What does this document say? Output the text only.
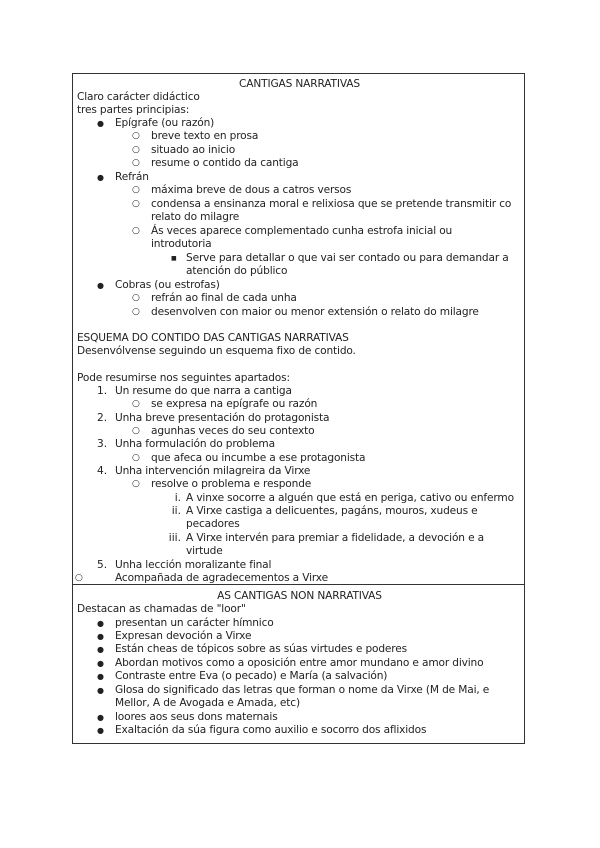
CANTIGAS NARRATIVAS
Claro carácter didáctico
tres partes principias:
● Epígrafe (ou razón)
○ breve texto en prosa
○ situado ao inicio
○ resume o contido da cantiga
● Refrán
○ máxima breve de dous a catros versos
○ condensa a ensinanza moral e relixiosa que se pretende transmitir co
relato do milagre
○ Ás veces aparece complementado cunha estrofa inicial ou
introdutoria
■ Serve para detallar o que vai ser contado ou para demandar a
atención do público
● Cobras (ou estrofas)
○ refrán ao final de cada unha
○ desenvolven con maior ou menor extensión o relato do milagre
ESQUEMA DO CONTIDO DAS CANTIGAS NARRATIVAS
Desenvólvense seguindo un esquema fixo de contido.
Pode resumirse nos seguintes apartados:
1. Un resume do que narra a cantiga
○ se expresa na epígrafe ou razón
2. Unha breve presentación do protagonista
○ agunhas veces do seu contexto
3. Unha formulación do problema
○ que afeca ou incumbe a ese protagonista
4. Unha intervención milagreira da Virxe
○ resolve o problema e responde
i. A vinxe socorre a alguén que está en periga, cativo ou enfermo
ii. A Virxe castiga a delicuentes, pagáns, mouros, xudeus e
pecadores
iii. A Virxe intervén para premiar a fidelidade, a devoción e a
virtude
5. Unha lección moralizante final
○	Acompañada de agradecementos a Virxe
AS CANTIGAS NON NARRATIVAS
Destacan as chamadas de "loor"
● presentan un carácter hímnico
● Expresan devoción a Virxe
● Están cheas de tópicos sobre as súas virtudes e poderes
● Abordan motivos como a oposición entre amor mundano e amor divino
● Contraste entre Eva (o pecado) e María (a salvación)
● Glosa do significado das letras que forman o nome da Virxe (M de Mai, e
Mellor, A de Avogada e Amada, etc)
● loores aos seus dons maternais
● Exaltación da súa figura como auxilio e socorro dos aflixidos
